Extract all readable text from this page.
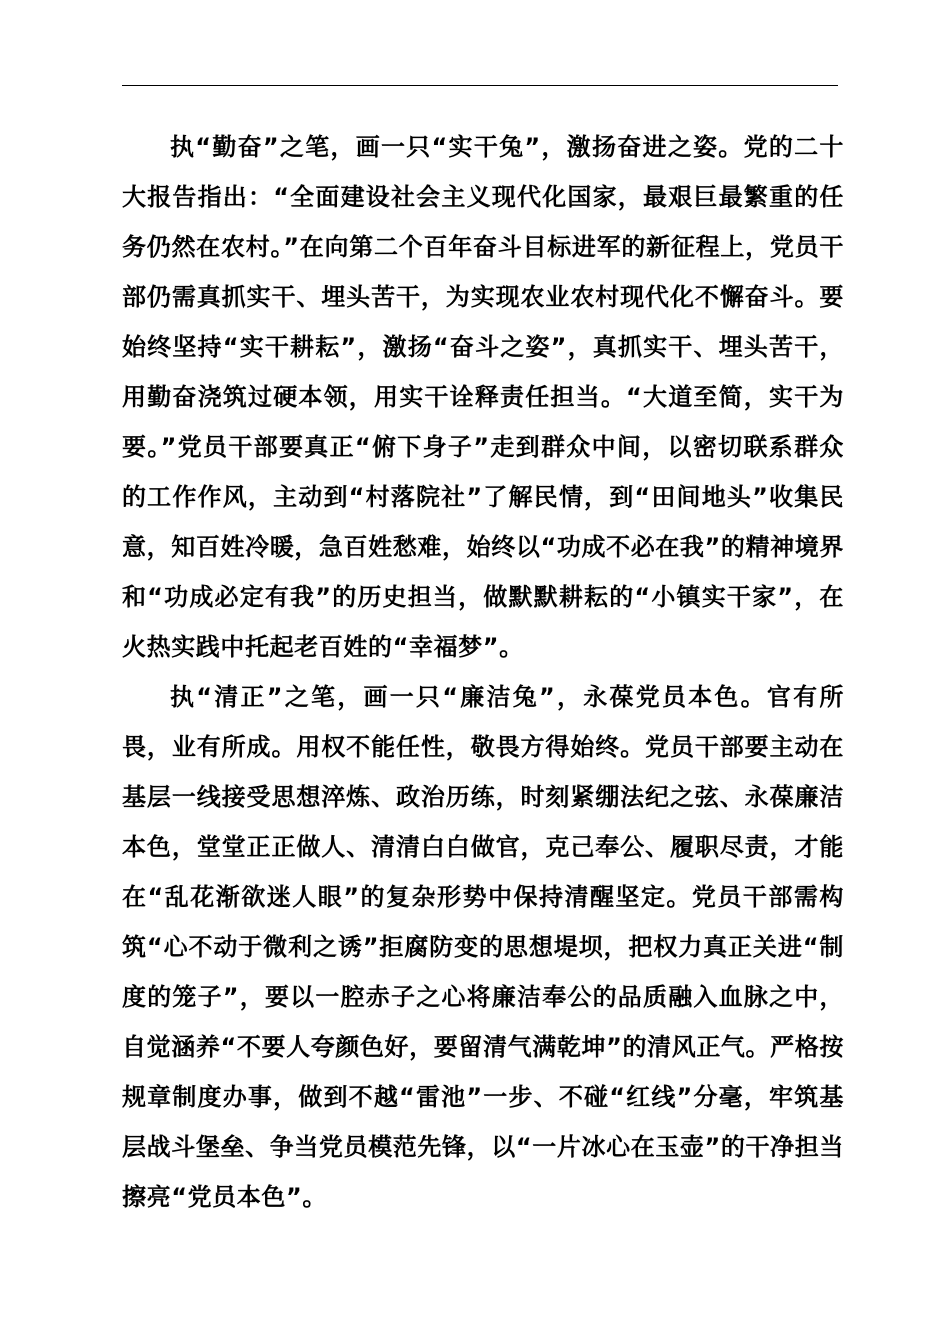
执“勤奋”之笔，画一只“实干兔”，激扬奋进之姿。党的二十大报告指出：“全面建设社会主义现代化国家，最艰巨最繁重的任务仍然在农村。”在向第二个百年奋斗目标进军的新征程上，党员干部仍需真抓实干、埋头苦干，为实现农业农村现代化不懈奋斗。要始终坚持“实干耕耘”，激扬“奋斗之姿”，真抓实干、埋头苦干，用勤奋浇筑过硬本领，用实干诠释责任担当。“大道至简，实干为要。”党员干部要真正“俯下身子”走到群众中间，以密切联系群众的工作作风，主动到“村落院社”了解民情，到“田间地头”收集民意，知百姓冷暖，急百姓愁难，始终以“功成不必在我”的精神境界和“功成必定有我”的历史担当，做默默耕耘的“小镇实干家”，在火热实践中托起老百姓的“幸福梦”。

执“清正”之笔，画一只“廉洁兔”，永葆党员本色。官有所畏，业有所成。用权不能任性，敬畏方得始终。党员干部要主动在基层一线接受思想淬炼、政治历练，时刻紧绷法纪之弦、永葆廉洁本色，堂堂正正做人、清清白白做官，克己奉公、履职尽责，才能在“乱花渐欲迷人眼”的复杂形势中保持清醒坚定。党员干部需构筑“心不动于微利之诱”拒腐防变的思想堤坝，把权力真正关进“制度的笼子”，要以一腔赤子之心将廉洁奉公的品质融入血脉之中，自觉涵养“不要人夸颜色好，要留清气满乾坤”的清风正气。严格按规章制度办事，做到不越“雷池”一步、不碰“红线”分毫，牢筑基层战斗堡垒、争当党员模范先锋，以“一片冰心在玉壶”的干净担当擦亮“党员本色”。
